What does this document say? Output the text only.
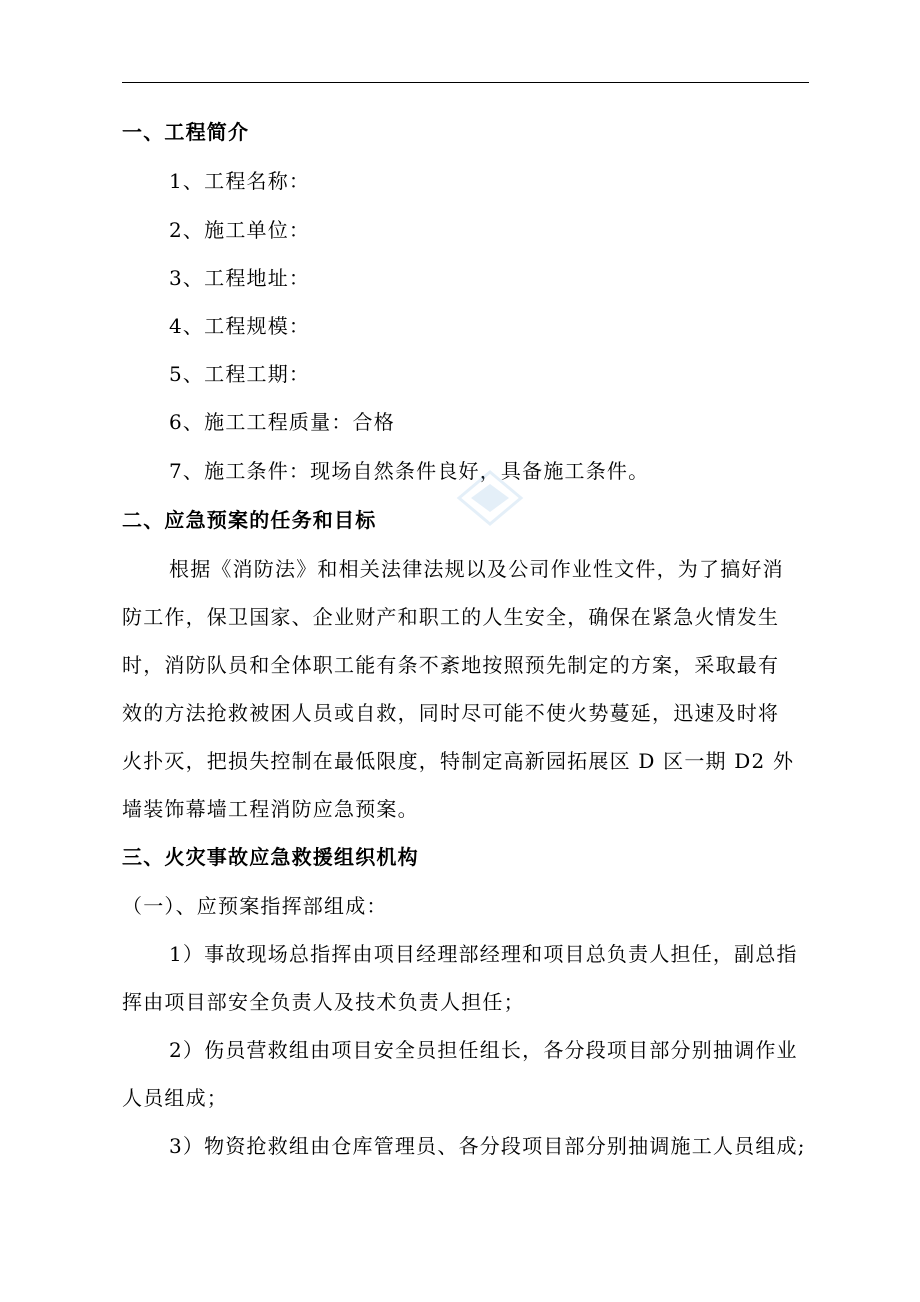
一、工程简介
1、工程名称：
2、施工单位：
3、工程地址：
4、工程规模：
5、工程工期：
6、施工工程质量：合格
7、施工条件：现场自然条件良好，具备施工条件。
二、应急预案的任务和目标
根据《消防法》和相关法律法规以及公司作业性文件，为了搞好消
防工作，保卫国家、企业财产和职工的人生安全，确保在紧急火情发生
时，消防队员和全体职工能有条不紊地按照预先制定的方案，采取最有
效的方法抢救被困人员或自救，同时尽可能不使火势蔓延，迅速及时将
火扑灭，把损失控制在最低限度，特制定高新园拓展区 D 区一期 D2 外
墙装饰幕墙工程消防应急预案。
三、火灾事故应急救援组织机构
（一）、应预案指挥部组成：
1）事故现场总指挥由项目经理部经理和项目总负责人担任，副总指
挥由项目部安全负责人及技术负责人担任；
2）伤员营救组由项目安全员担任组长，各分段项目部分别抽调作业
人员组成；
3）物资抢救组由仓库管理员、各分段项目部分别抽调施工人员组成;
